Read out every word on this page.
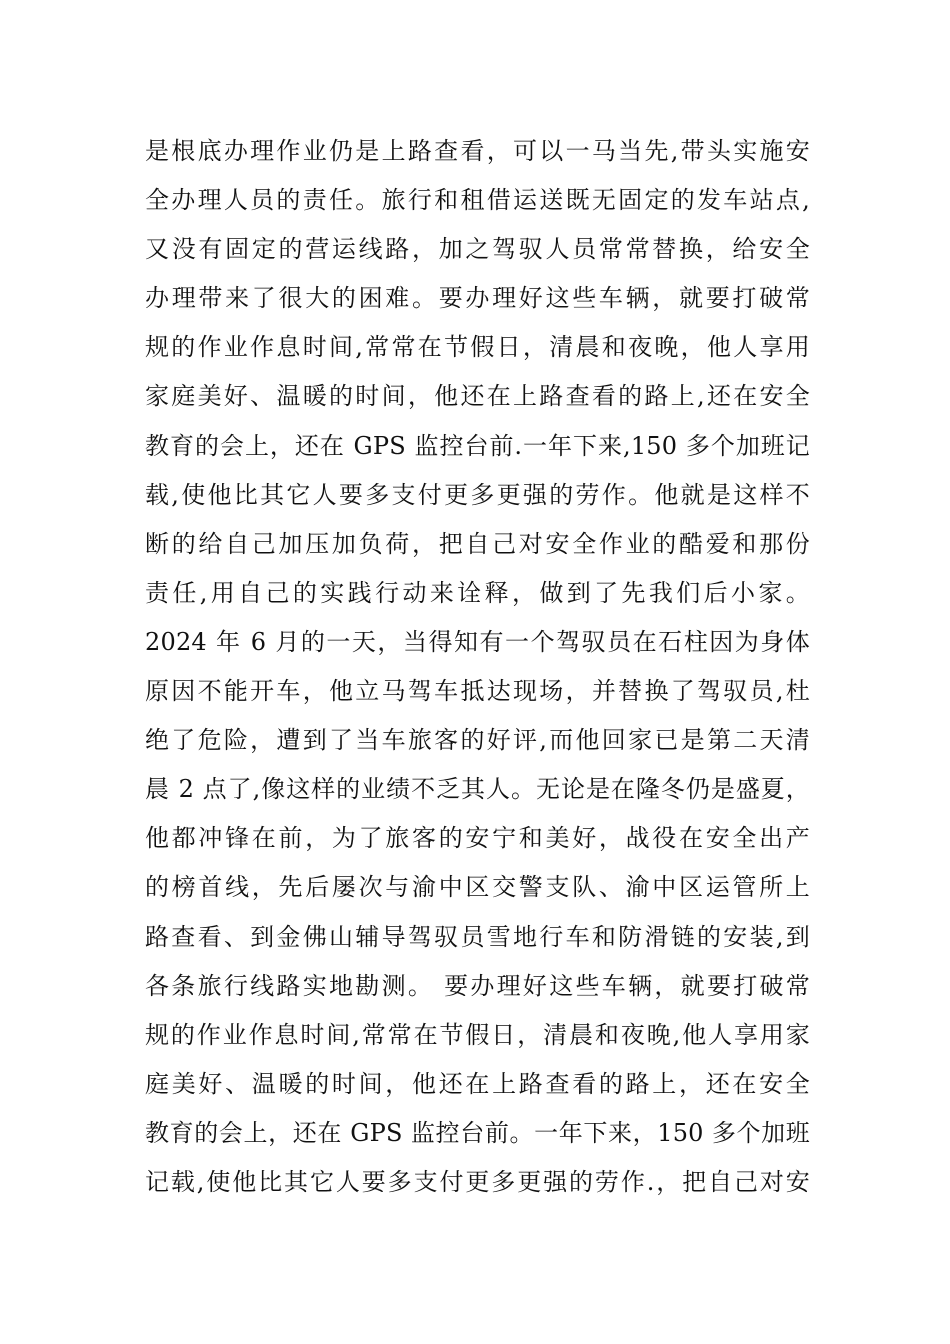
是根底办理作业仍是上路查看，可以一马当先,带头实施安
全办理人员的责任。旅行和租借运送既无固定的发车站点,
又没有固定的营运线路，加之驾驭人员常常替换，给安全
办理带来了很大的困难。要办理好这些车辆，就要打破常
规的作业作息时间,常常在节假日，清晨和夜晚，他人享用
家庭美好、温暖的时间，他还在上路查看的路上,还在安全
教育的会上，还在 GPS 监控台前.一年下来,150 多个加班记
载,使他比其它人要多支付更多更强的劳作。他就是这样不
断的给自己加压加负荷，把自己对安全作业的酷爱和那份
责任,用自己的实践行动来诠释，做到了先我们后小家。
2024 年 6 月的一天，当得知有一个驾驭员在石柱因为身体
原因不能开车，他立马驾车抵达现场，并替换了驾驭员,杜
绝了危险，遭到了当车旅客的好评,而他回家已是第二天清
晨 2 点了,像这样的业绩不乏其人。无论是在隆冬仍是盛夏，
他都冲锋在前，为了旅客的安宁和美好，战役在安全出产
的榜首线，先后屡次与渝中区交警支队、渝中区运管所上
路查看、到金佛山辅导驾驭员雪地行车和防滑链的安装,到
各条旅行线路实地勘测。 要办理好这些车辆，就要打破常
规的作业作息时间,常常在节假日，清晨和夜晚,他人享用家
庭美好、温暖的时间，他还在上路查看的路上，还在安全
教育的会上，还在 GPS 监控台前。一年下来，150 多个加班
记载,使他比其它人要多支付更多更强的劳作.，把自己对安
